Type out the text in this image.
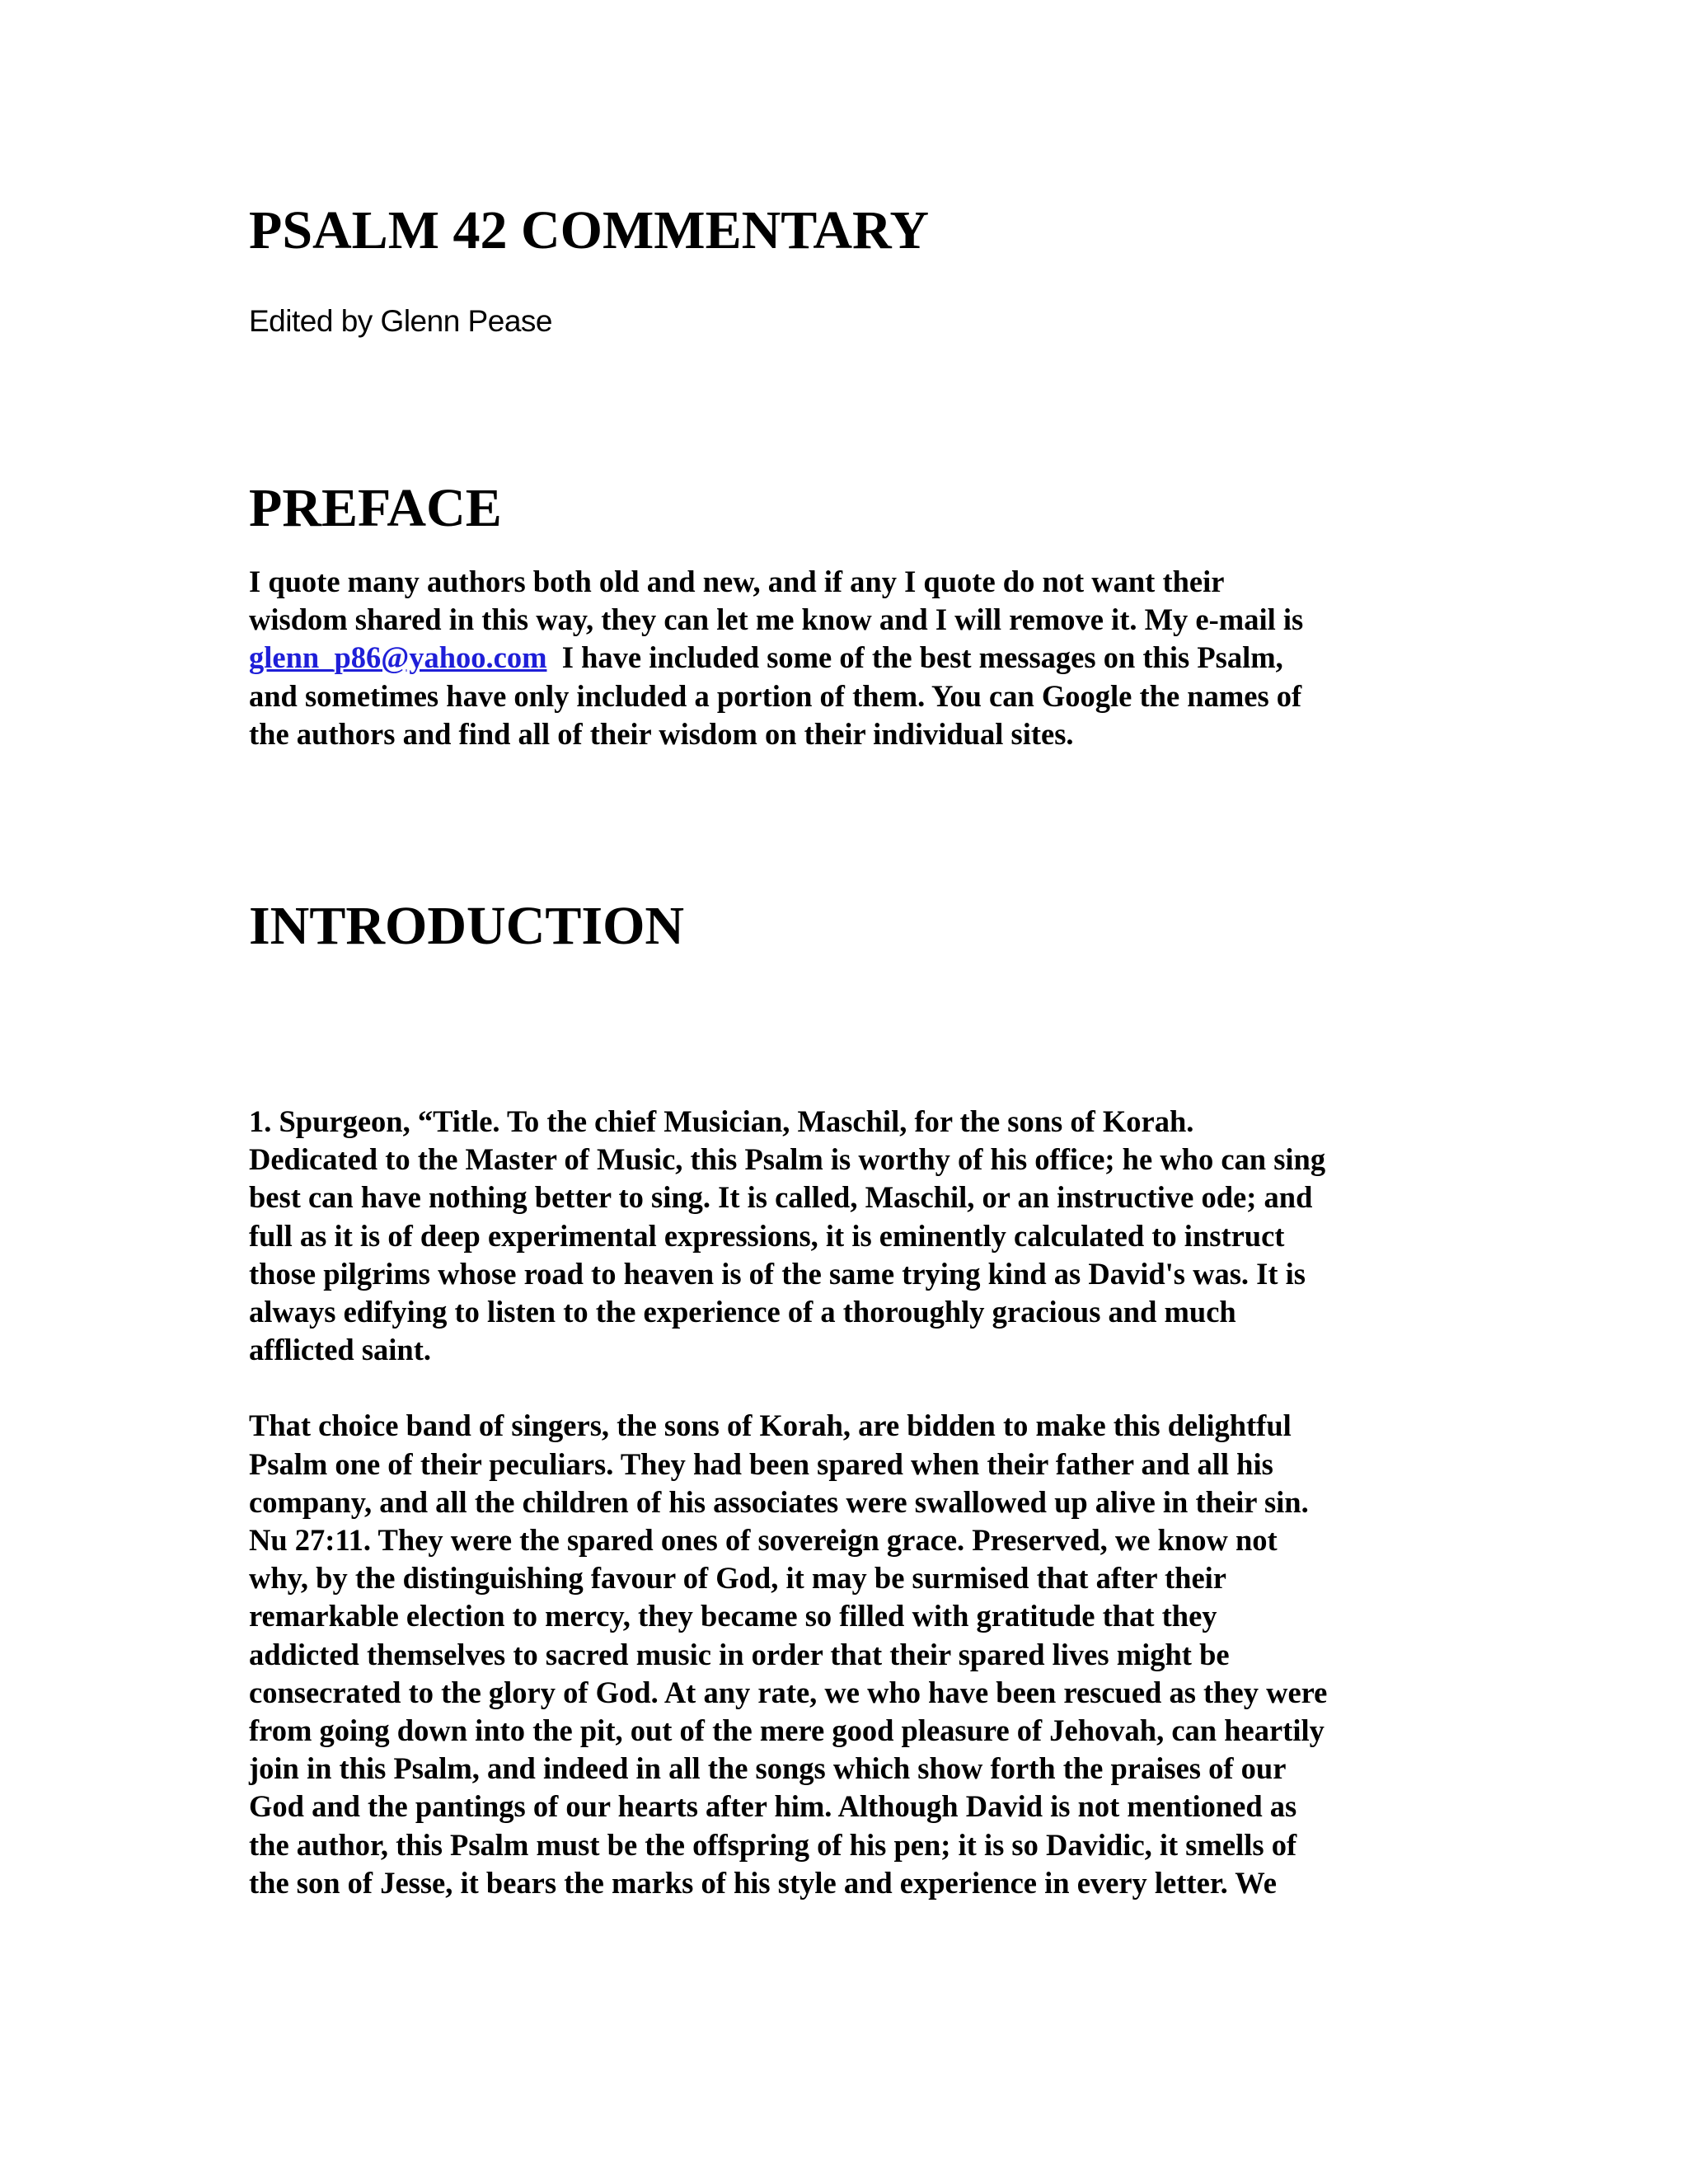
PSALM 42 COMMENTARY

Edited by Glenn Pease

PREFACE

I quote many authors both old and new, and if any I quote do not want their
wisdom shared in this way, they can let me know and I will remove it. My e-mail is
glenn_p86@yahoo.com  I have included some of the best messages on this Psalm,
and sometimes have only included a portion of them. You can Google the names of
the authors and find all of their wisdom on their individual sites.

INTRODUCTION

1. Spurgeon, “Title. To the chief Musician, Maschil, for the sons of Korah.
Dedicated to the Master of Music, this Psalm is worthy of his office; he who can sing
best can have nothing better to sing. It is called, Maschil, or an instructive ode; and
full as it is of deep experimental expressions, it is eminently calculated to instruct
those pilgrims whose road to heaven is of the same trying kind as David's was. It is
always edifying to listen to the experience of a thoroughly gracious and much
afflicted saint.

That choice band of singers, the sons of Korah, are bidden to make this delightful
Psalm one of their peculiars. They had been spared when their father and all his
company, and all the children of his associates were swallowed up alive in their sin.
Nu 27:11. They were the spared ones of sovereign grace. Preserved, we know not
why, by the distinguishing favour of God, it may be surmised that after their
remarkable election to mercy, they became so filled with gratitude that they
addicted themselves to sacred music in order that their spared lives might be
consecrated to the glory of God. At any rate, we who have been rescued as they were
from going down into the pit, out of the mere good pleasure of Jehovah, can heartily
join in this Psalm, and indeed in all the songs which show forth the praises of our
God and the pantings of our hearts after him. Although David is not mentioned as
the author, this Psalm must be the offspring of his pen; it is so Davidic, it smells of
the son of Jesse, it bears the marks of his style and experience in every letter. We
